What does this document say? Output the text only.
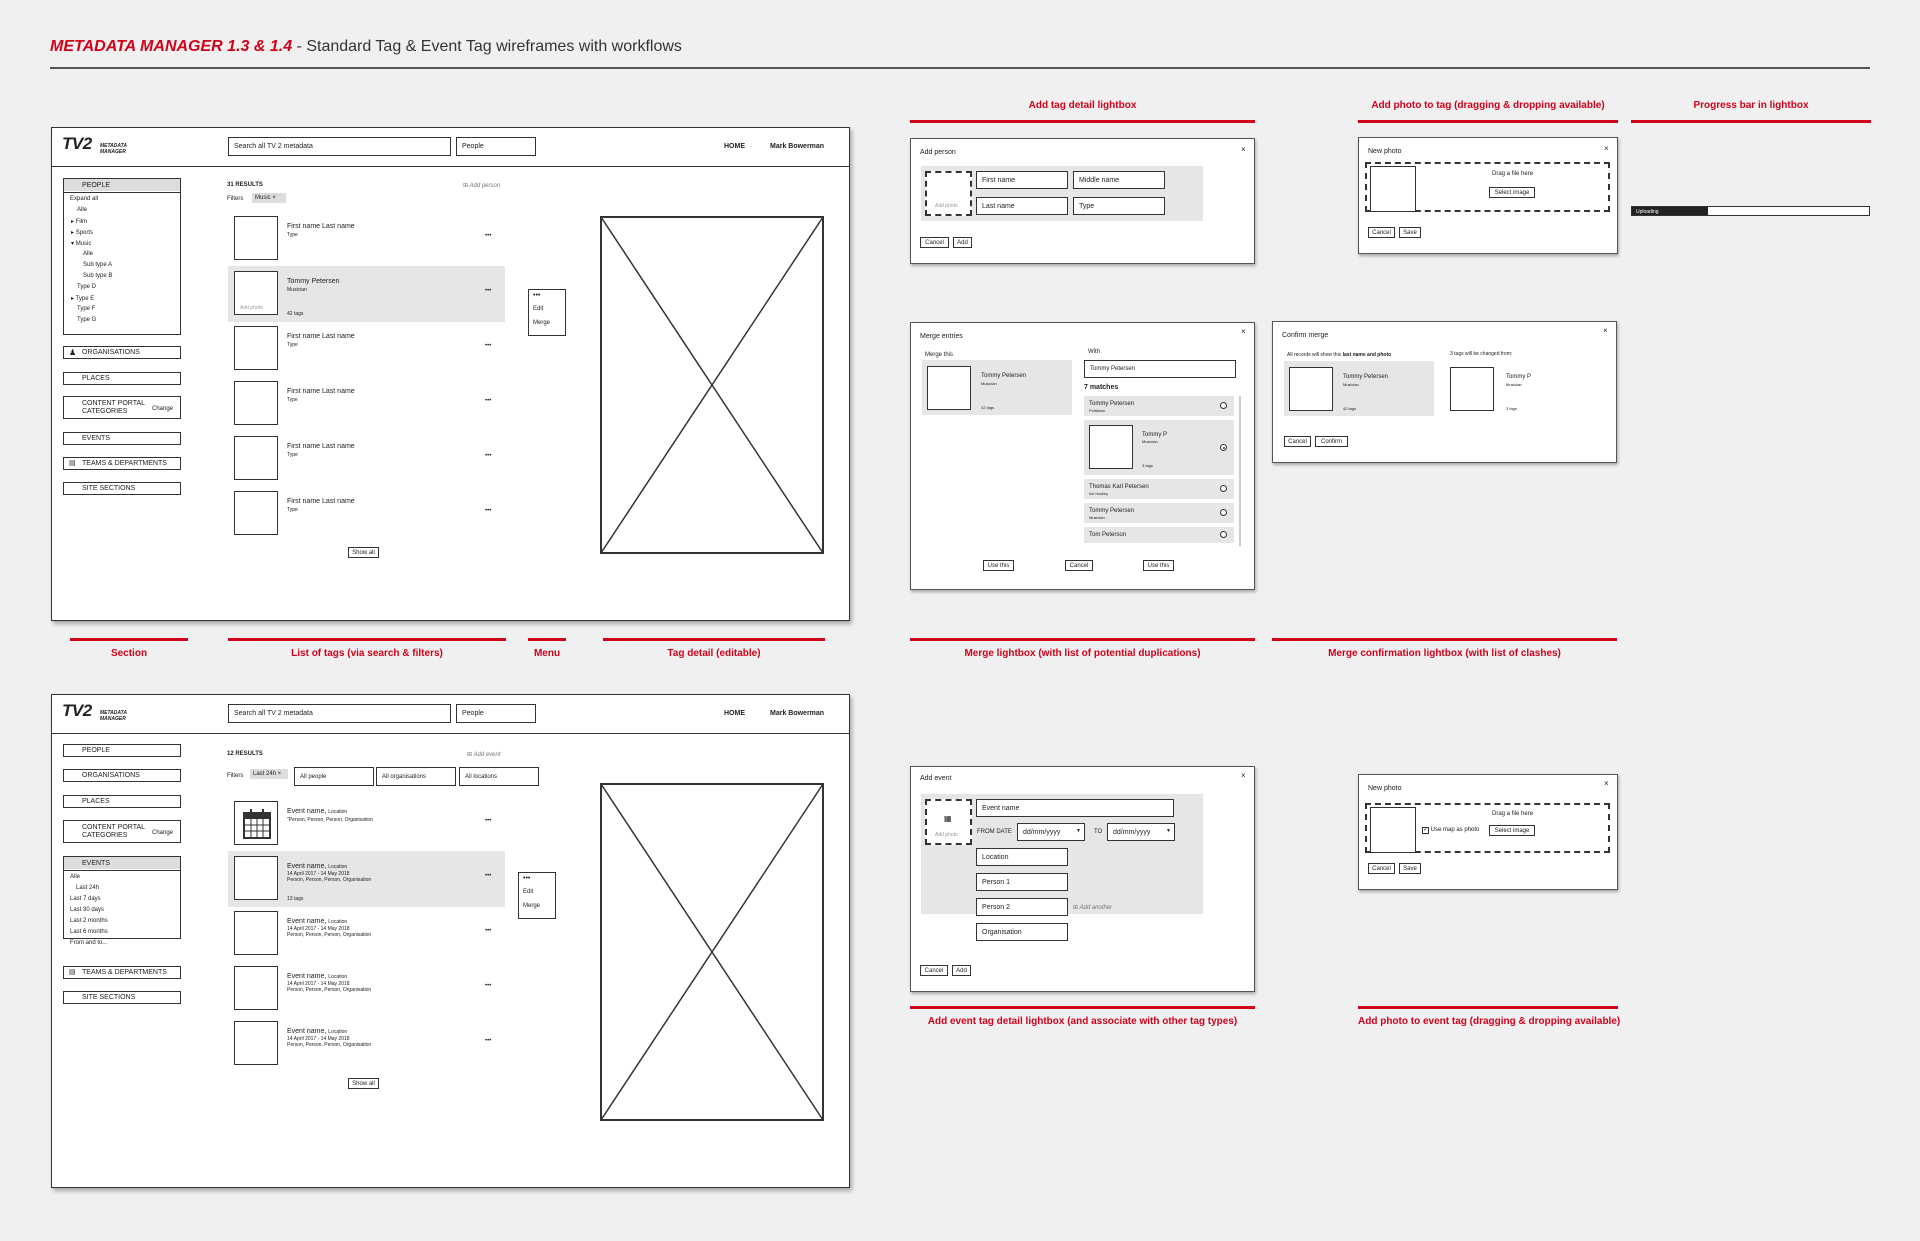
METADATA MANAGER 1.3 & 1.4 - Standard Tag & Event Tag wireframes with workflows
TV2 METADATA
MANAGER
Search all TV 2 metadata	People	HOME	Mark Bowerman
PEOPLE
Expand all
Alle
▸ Film
▸ Sports
▾ Music
Alle
Sub type A
Sub type B
Type D
▸ Type E
Type F
Type G
♟ ORGANISATIONS
PLACES
CONTENT PORTAL
CATEGORIES	Change
EVENTS
▤ TEAMS & DEPARTMENTS
SITE SECTIONS
31 RESULTS	⊞ Add person
Filters	Music ×
First name Last name
Type	•••
Add photo
Tommy Petersen
Musician
42 tags
•••
First name Last name
Type	•••
First name Last name
Type	•••
First name Last name
Type	•••
First name Last name
Type	•••
Show all
•••
Edit
Merge
Section	List of tags (via search & filters)	Menu	Tag detail (editable)
TV2 METADATA
MANAGER
Search all TV 2 metadata	People	HOME	Mark Bowerman
PEOPLE
ORGANISATIONS
PLACES
CONTENT PORTAL
CATEGORIES	Change
EVENTS
Alle
Last 24h
Last 7 days
Last 30 days
Last 2 months
Last 6 months
From and to...
▤ TEAMS & DEPARTMENTS
SITE SECTIONS
12 RESULTS	⊞ Add event
Filters	Last 24h ×	All people	All organisations	All locations
Event name, Location
"Person, Person, Person, Organisation	•••
Event name, Location
14 April 2017 - 14 May 2018
Person, Person, Person, Organisation
13 tags
•••
Event name, Location
14 April 2017 - 14 May 2018
Person, Person, Person, Organisation
•••
Event name, Location
14 April 2017 - 14 May 2018
Person, Person, Person, Organisation
•••
Event name, Location
14 April 2017 - 14 May 2018
Person, Person, Person, Organisation
•••
Show all
•••
Edit
Merge
Add tag detail lightbox	Add photo to tag (dragging & dropping available)	Progress bar in lightbox
Add person	×
Add photo
First name	Middle name
Last name	Type
Cancel	Add
New photo	×
Drag a file here
Select image
Cancel	Save
Uploading
Merge entries
×
Merge this
Tommy Petersen
Musician
42 tags
With
Tommy Petersen
7 matches
Tommy Petersen
Politician
Tommy P
Musician
3 tags
Thomas Karl Petersen
Ice hockey
Tommy Petersen
Musician
Tom Peterson
Use this	Cancel	Use this
Confirm merge
×
All records will show this last name and photo	3 tags will be changed from:
Tommy Petersen
Musician
42 tags
Tommy P
Musician
3 tags
Cancel	Confirm
Merge lightbox (with list of potential duplications)	Merge confirmation lightbox (with list of clashes)
Add event	×
▦
Add photo
Event name
FROM DATE dd/mm/yyyy	▼ TO dd/mm/yyyy	▼
Location
Person 1
Person 2	⊞ Add another
Organisation
Cancel	Add
New photo
×
Drag a file here
✓ Use map as photo	Select image
Cancel	Save
Add event tag detail lightbox (and associate with other tag types)	Add photo to event tag (dragging & dropping available)
